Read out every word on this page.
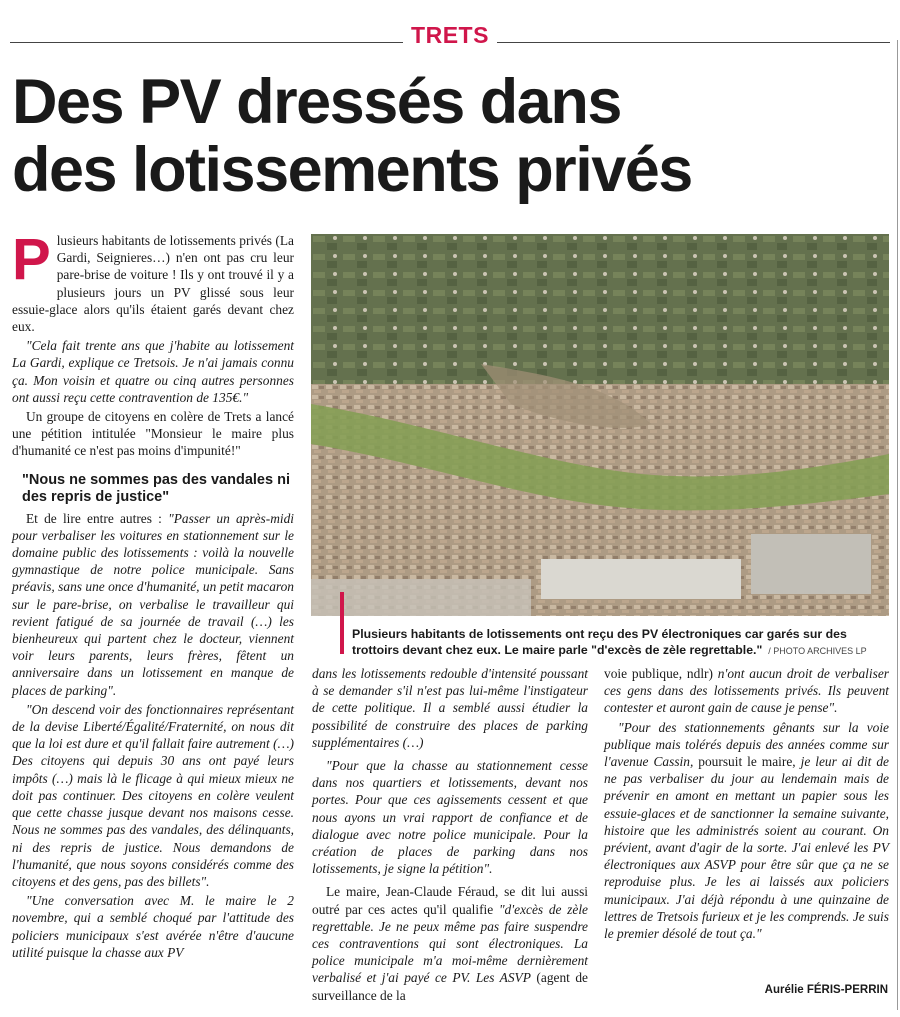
TRETS
Des PV dressés dans
des lotissements privés

Plusieurs habitants de lotissements privés (La Gardi, Seignieres…) n'en ont pas cru leur pare-brise de voiture ! Ils y ont trouvé il y a plusieurs jours un PV glissé sous leur essuie-glace alors qu'ils étaient garés devant chez eux.

"Cela fait trente ans que j'habite au lotissement La Gardi, explique ce Tretsois. Je n'ai jamais connu ça. Mon voisin et quatre ou cinq autres personnes ont aussi reçu cette contravention de 135€."

Un groupe de citoyens en colère de Trets a lancé une pétition intitulée "Monsieur le maire plus d'humanité ce n'est pas moins d'impunité!"

"Nous ne sommes pas des vandales ni des repris de justice"

Et de lire entre autres : "Passer un après-midi pour verbaliser les voitures en stationnement sur le domaine public des lotissements : voilà la nouvelle gymnastique de notre police municipale. Sans préavis, sans une once d'humanité, un petit macaron sur le pare-brise, on verbalise le travailleur qui revient fatigué de sa journée de travail (…) les bienheureux qui partent chez le docteur, viennent voir leurs parents, leurs frères, fêtent un anniversaire dans un lotissement en manque de places de parking".

"On descend voir des fonctionnaires représentant de la devise Liberté/Égalité/Fraternité, on nous dit que la loi est dure et qu'il fallait faire autrement (…) Des citoyens qui depuis 30 ans ont payé leurs impôts (…) mais là le flicage à qui mieux mieux ne doit pas continuer. Des citoyens en colère veulent que cette chasse jusque devant nos maisons cesse. Nous ne sommes pas des vandales, des délinquants, ni des repris de justice. Nous demandons de l'humanité, que nous soyons considérés comme des citoyens et des gens, pas des billets".

"Une conversation avec M. le maire le 2 novembre, qui a semblé choqué par l'attitude des policiers municipaux s'est avérée n'être d'aucune utilité puisque la chasse aux PV

Plusieurs habitants de lotissements ont reçu des PV électroniques car garés sur des trottoirs devant chez eux. Le maire parle "d'excès de zèle regrettable." / PHOTO ARCHIVES LP

dans les lotissements redouble d'intensité poussant à se demander s'il n'est pas lui-même l'instigateur de cette politique. Il a semblé aussi étudier la possibilité de construire des places de parking supplémentaires (…)

"Pour que la chasse au stationnement cesse dans nos quartiers et lotissements, devant nos portes. Pour que ces agissements cessent et que nous ayons un vrai rapport de confiance et de dialogue avec notre police municipale. Pour la création de places de parking dans nos lotissements, je signe la pétition".

Le maire, Jean-Claude Féraud, se dit lui aussi outré par ces actes qu'il qualifie "d'excès de zèle regrettable. Je ne peux même pas faire suspendre ces contraventions qui sont électroniques. La police municipale m'a moi-même dernièrement verbalisé et j'ai payé ce PV. Les ASVP (agent de surveillance de la

voie publique, ndlr) n'ont aucun droit de verbaliser ces gens dans des lotissements privés. Ils peuvent contester et auront gain de cause je pense".

"Pour des stationnements gênants sur la voie publique mais tolérés depuis des années comme sur l'avenue Cassin, poursuit le maire, je leur ai dit de ne pas verbaliser du jour au lendemain mais de prévenir en amont en mettant un papier sous les essuie-glaces et de sanctionner la semaine suivante, histoire que les administrés soient au courant. On prévient, avant d'agir de la sorte. J'ai enlevé les PV électroniques aux ASVP pour être sûr que ça ne se reproduise plus. Je les ai laissés aux policiers municipaux. J'ai déjà répondu à une quinzaine de lettres de Tretsois furieux et je les comprends. Je suis le premier désolé de tout ça."

Aurélie FÉRIS-PERRIN
